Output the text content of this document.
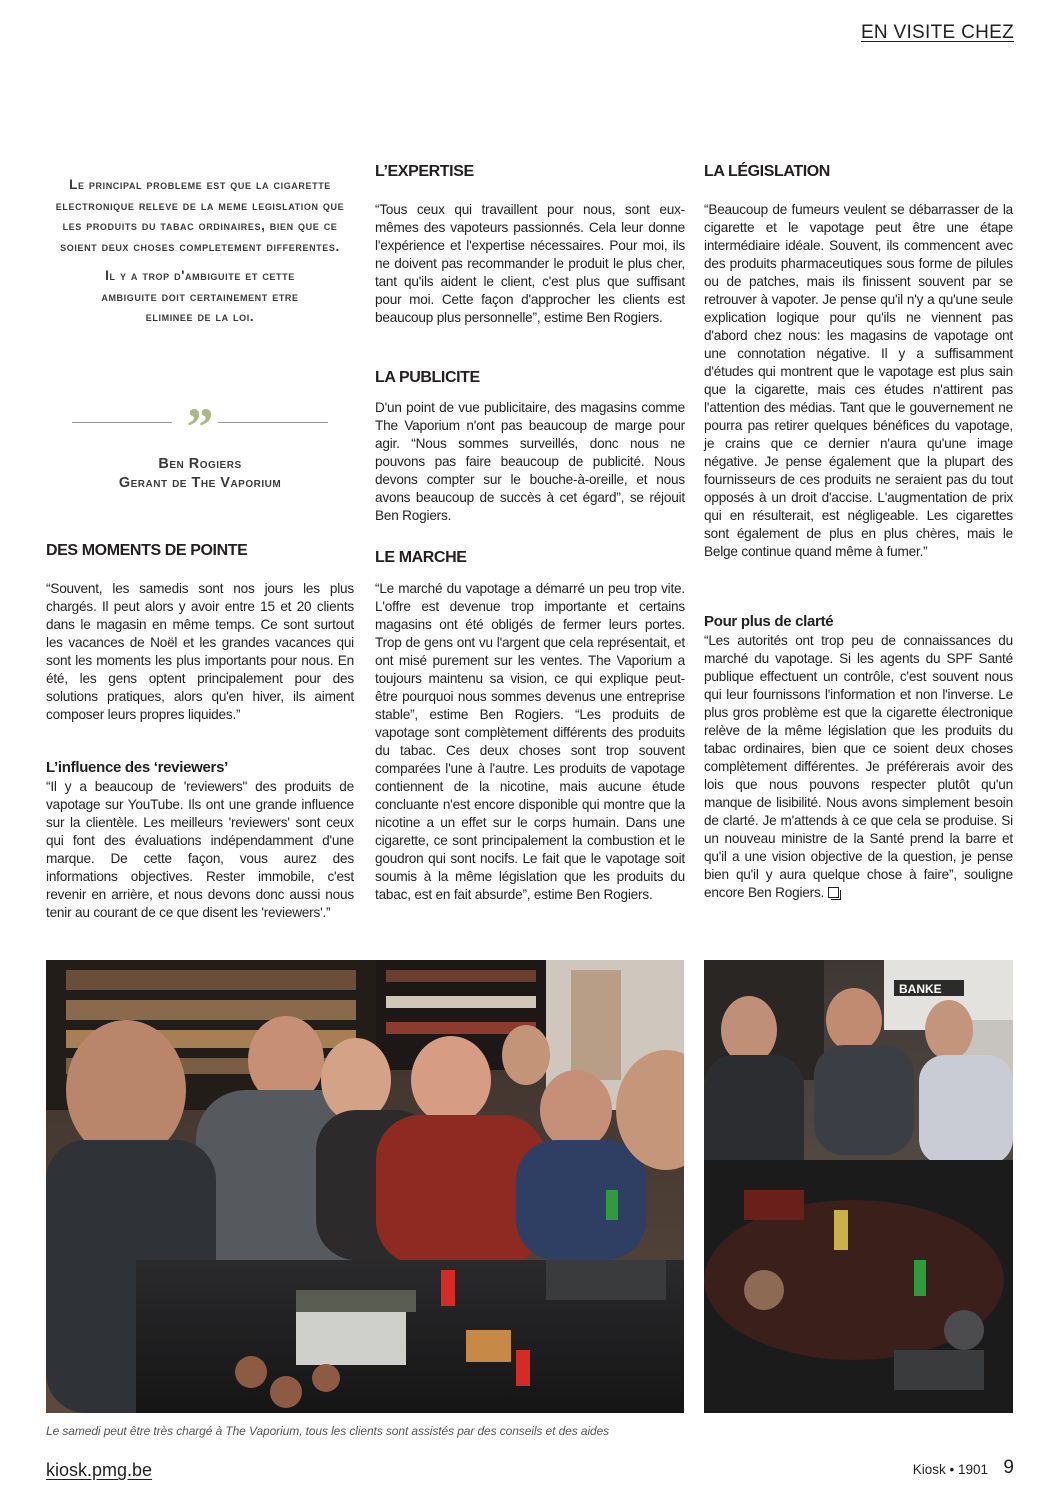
EN VISITE CHEZ

Le principal probleme est que la cigarette electronique releve de la meme legislation que les produits du tabac ordinaires, bien que ce soient deux choses completement differentes.

Il y a trop d'ambiguite et cette ambiguite doit certainement etre eliminee de la loi.

”
Ben Rogiers
Gerant de The Vaporium
DES MOMENTS DE POINTE

“Souvent, les samedis sont nos jours les plus chargés. Il peut alors y avoir entre 15 et 20 clients dans le magasin en même temps. Ce sont surtout les vacances de Noël et les grandes vacances qui sont les moments les plus importants pour nous. En été, les gens optent principalement pour des solutions pratiques, alors qu'en hiver, ils aiment composer leurs propres liquides.”

L’influence des ‘reviewers’

“Il y a beaucoup de 'reviewers" des produits de vapotage sur YouTube. Ils ont une grande influence sur la clientèle. Les meilleurs 'reviewers' sont ceux qui font des évaluations indépendamment d'une marque. De cette façon, vous aurez des informations objectives. Rester immobile, c'est revenir en arrière, et nous devons donc aussi nous tenir au courant de ce que disent les 'reviewers'.”

L’EXPERTISE

“Tous ceux qui travaillent pour nous, sont eux-mêmes des vapoteurs passionnés. Cela leur donne l'expérience et l'expertise nécessaires. Pour moi, ils ne doivent pas recommander le produit le plus cher, tant qu'ils aident le client, c'est plus que suffisant pour moi. Cette façon d'approcher les clients est beaucoup plus personnelle”, estime Ben Rogiers.

LA PUBLICITE

D'un point de vue publicitaire, des magasins comme The Vaporium n'ont pas beaucoup de marge pour agir. “Nous sommes surveillés, donc nous ne pouvons pas faire beaucoup de publicité. Nous devons compter sur le bouche-à-oreille, et nous avons beaucoup de succès à cet égard”, se réjouit Ben Rogiers.

LE MARCHE

“Le marché du vapotage a démarré un peu trop vite. L'offre est devenue trop importante et certains magasins ont été obligés de fermer leurs portes. Trop de gens ont vu l'argent que cela représentait, et ont misé purement sur les ventes. The Vaporium a toujours maintenu sa vision, ce qui explique peut-être pourquoi nous sommes devenus une entreprise stable”, estime Ben Rogiers. “Les produits de vapotage sont complètement différents des produits du tabac. Ces deux choses sont trop souvent comparées l'une à l'autre. Les produits de vapotage contiennent de la nicotine, mais aucune étude concluante n'est encore disponible qui montre que la nicotine a un effet sur le corps humain. Dans une cigarette, ce sont principalement la combustion et le goudron qui sont nocifs. Le fait que le vapotage soit soumis à la même législation que les produits du tabac, est en fait absurde”, estime Ben Rogiers.

LA LÉGISLATION

“Beaucoup de fumeurs veulent se débarrasser de la cigarette et le vapotage peut être une étape intermédiaire idéale. Souvent, ils commencent avec des produits pharmaceutiques sous forme de pilules ou de patches, mais ils finissent souvent par se retrouver à vapoter. Je pense qu'il n'y a qu'une seule explication logique pour qu'ils ne viennent pas d'abord chez nous: les magasins de vapotage ont une connotation négative. Il y a suffisamment d'études qui montrent que le vapotage est plus sain que la cigarette, mais ces études n'attirent pas l'attention des médias. Tant que le gouvernement ne pourra pas retirer quelques bénéfices du vapotage, je crains que ce dernier n'aura qu'une image négative. Je pense également que la plupart des fournisseurs de ces produits ne seraient pas du tout opposés à un droit d'accise. L'augmentation de prix qui en résulterait, est négligeable. Les cigarettes sont également de plus en plus chères, mais le Belge continue quand même à fumer.”

Pour plus de clarté

“Les autorités ont trop peu de connaissances du marché du vapotage. Si les agents du SPF Santé publique effectuent un contrôle, c'est souvent nous qui leur fournissons l'information et non l'inverse. Le plus gros problème est que la cigarette électronique relève de la même législation que les produits du tabac ordinaires, bien que ce soient deux choses complètement différentes. Je préférerais avoir des lois que nous pouvons respecter plutôt qu'un manque de lisibilité. Nous avons simplement besoin de clarté. Je m'attends à ce que cela se produise. Si un nouveau ministre de la Santé prend la barre et qu'il a une vision objective de la question, je pense bien qu'il y aura quelque chose à faire”, souligne encore Ben Rogiers.

BANKE
Le samedi peut être très chargé à The Vaporium, tous les clients sont assistés par des conseils et des aides
kiosk.pmg.be	Kiosk • 1901 9
